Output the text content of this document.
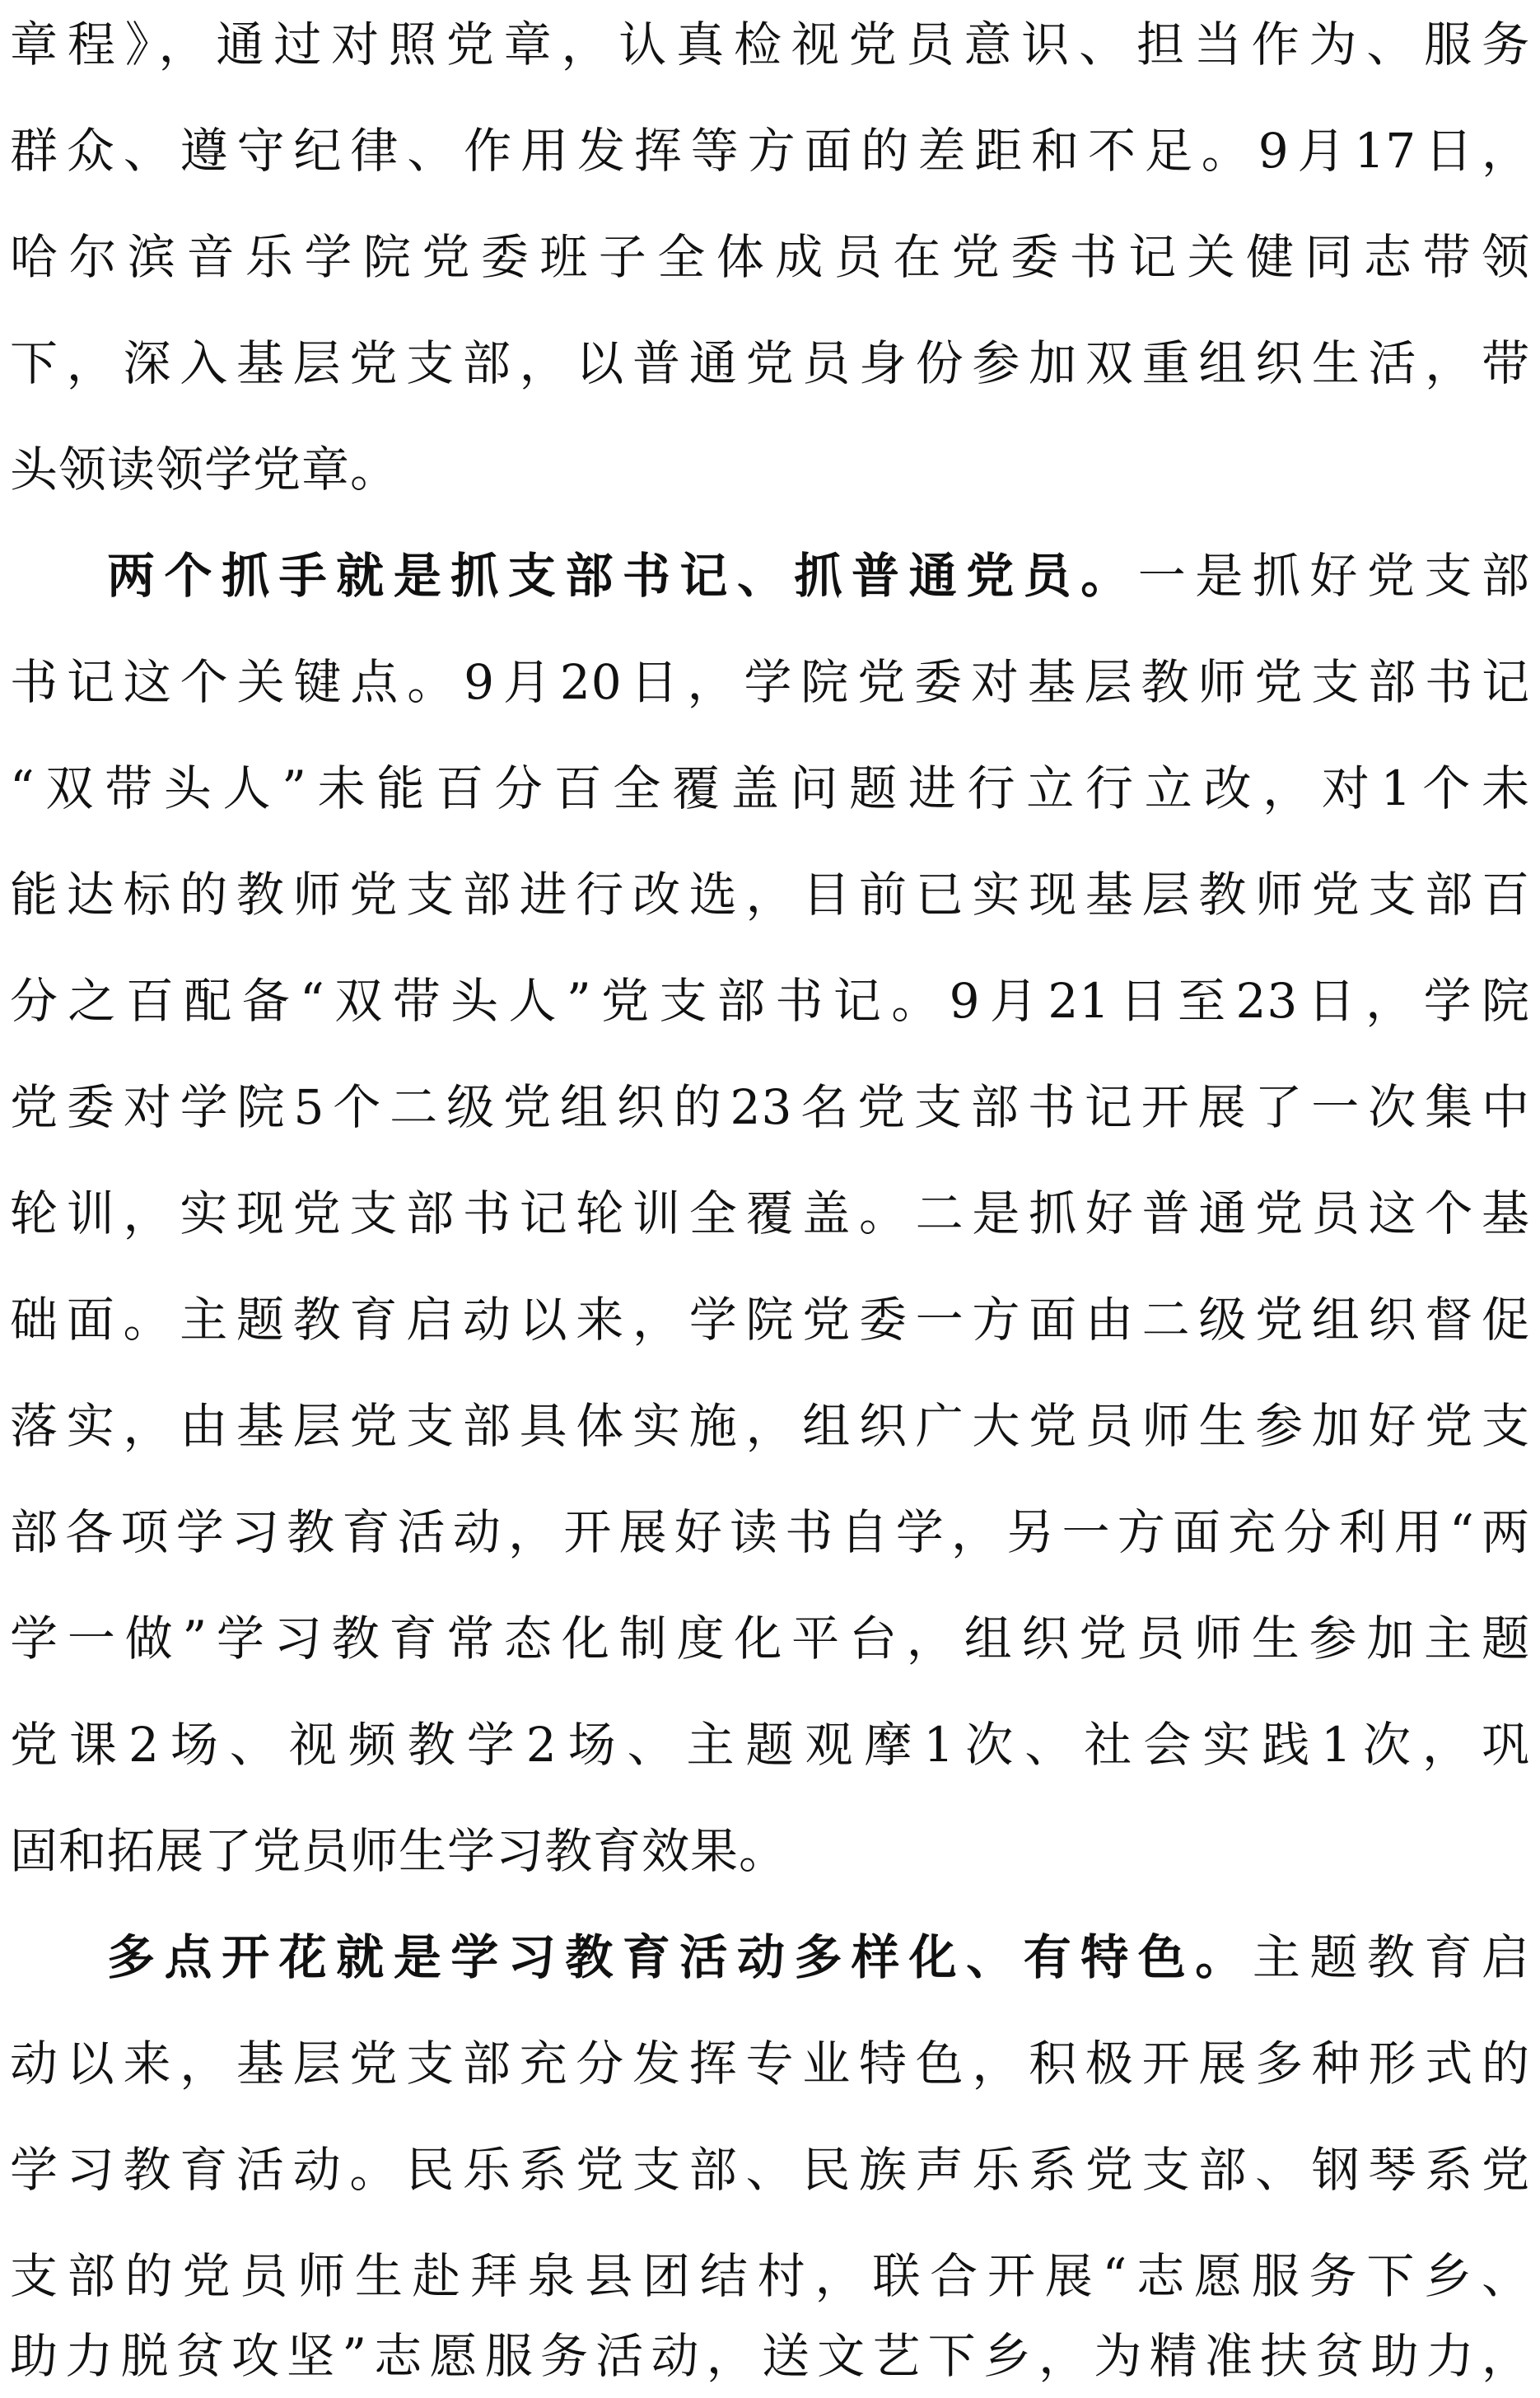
章程》，通过对照党章，认真检视党员意识、担当作为、服务
群众、遵守纪律、作用发挥等方面的差距和不足。9月17日，
哈尔滨音乐学院党委班子全体成员在党委书记关健同志带领
下，深入基层党支部，以普通党员身份参加双重组织生活，带
头领读领学党章。
两个抓手就是抓支部书记、抓普通党员。一是抓好党支部
书记这个关键点。9月20日，学院党委对基层教师党支部书记
“双带头人”未能百分百全覆盖问题进行立行立改，对1个未
能达标的教师党支部进行改选，目前已实现基层教师党支部百
分之百配备“双带头人”党支部书记。9月21日至23日，学院
党委对学院5个二级党组织的23名党支部书记开展了一次集中
轮训，实现党支部书记轮训全覆盖。二是抓好普通党员这个基
础面。主题教育启动以来，学院党委一方面由二级党组织督促
落实，由基层党支部具体实施，组织广大党员师生参加好党支
部各项学习教育活动，开展好读书自学，另一方面充分利用“两
学一做”学习教育常态化制度化平台，组织党员师生参加主题
党课2场、视频教学2场、主题观摩1次、社会实践1次，巩
固和拓展了党员师生学习教育效果。
多点开花就是学习教育活动多样化、有特色。主题教育启
动以来，基层党支部充分发挥专业特色，积极开展多种形式的
学习教育活动。民乐系党支部、民族声乐系党支部、钢琴系党
支部的党员师生赴拜泉县团结村，联合开展“志愿服务下乡、
助力脱贫攻坚”志愿服务活动，送文艺下乡，为精准扶贫助力，
